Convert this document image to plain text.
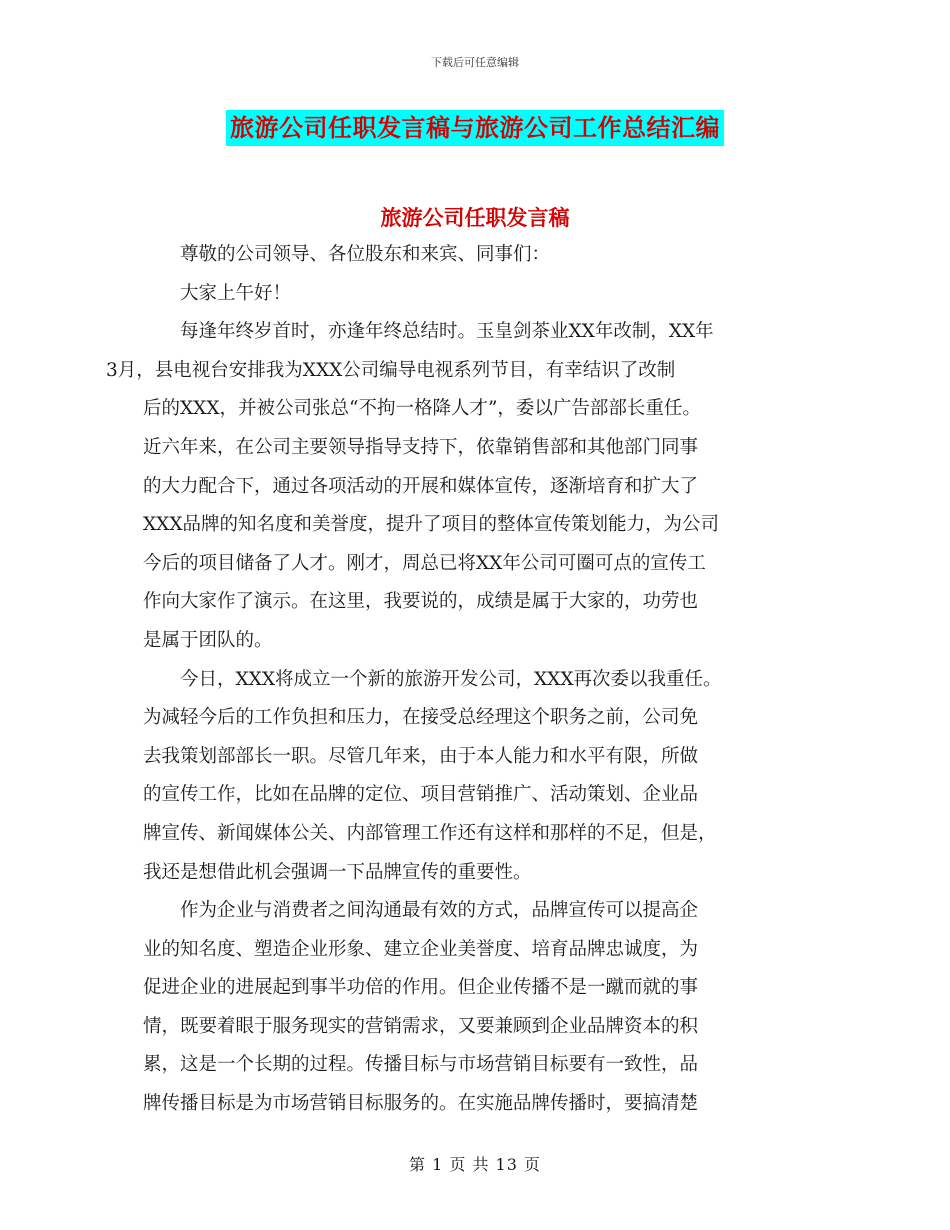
下载后可任意编辑
旅游公司任职发言稿与旅游公司工作总结汇编
旅游公司任职发言稿

尊敬的公司领导、各位股东和来宾、同事们：

大家上午好！

每逢年终岁首时，亦逢年终总结时。玉皇剑茶业XX年改制，XX年
3月，县电视台安排我为XXX公司编导电视系列节目，有幸结识了改制
后的XXX，并被公司张总“不拘一格降人才”，委以广告部部长重任。
近六年来，在公司主要领导指导支持下，依靠销售部和其他部门同事
的大力配合下，通过各项活动的开展和媒体宣传，逐渐培育和扩大了
XXX品牌的知名度和美誉度，提升了项目的整体宣传策划能力，为公司
今后的项目储备了人才。刚才，周总已将XX年公司可圈可点的宣传工
作向大家作了演示。在这里，我要说的，成绩是属于大家的，功劳也
是属于团队的。

今日，XXX将成立一个新的旅游开发公司，XXX再次委以我重任。
为减轻今后的工作负担和压力，在接受总经理这个职务之前，公司免
去我策划部部长一职。尽管几年来，由于本人能力和水平有限，所做
的宣传工作，比如在品牌的定位、项目营销推广、活动策划、企业品
牌宣传、新闻媒体公关、内部管理工作还有这样和那样的不足，但是，
我还是想借此机会强调一下品牌宣传的重要性。

作为企业与消费者之间沟通最有效的方式，品牌宣传可以提高企
业的知名度、塑造企业形象、建立企业美誉度、培育品牌忠诚度，为
促进企业的进展起到事半功倍的作用。但企业传播不是一蹴而就的事
情，既要着眼于服务现实的营销需求，又要兼顾到企业品牌资本的积
累，这是一个长期的过程。传播目标与市场营销目标要有一致性，品
牌传播目标是为市场营销目标服务的。在实施品牌传播时，要搞清楚

第 1 页 共 13 页
